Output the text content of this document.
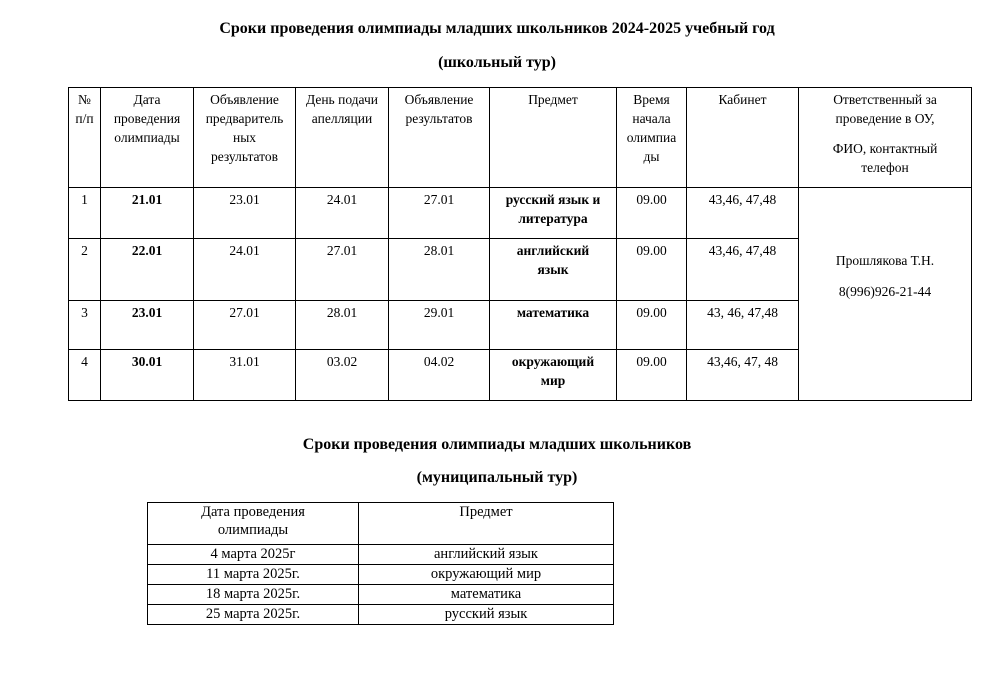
Сроки проведения олимпиады младших школьников 2024-2025 учебный год
(школьный тур)
№
п/п	Дата
проведения
олимпиады	Объявление
предваритель
ных
результатов	День подачи
апелляции	Объявление
результатов	Предмет	Время
начала
олимпиа
ды	Кабинет	Ответственный за
проведение в ОУ,
ФИО, контактный
телефон

1	21.01	23.01	24.01	27.01	русский язык и
литература	09.00	43,46, 47,48	Прошлякова Т.Н.
8(996)926-21-44

2	22.01	24.01	27.01	28.01	английский
язык	09.00	43,46, 47,48	
3	23.01	27.01	28.01	29.01	математика	09.00	43, 46, 47,48	
4	30.01	31.01	03.02	04.02	окружающий
мир	09.00	43,46, 47, 48	
Сроки проведения олимпиады младших школьников
(муниципальный тур)
Дата проведения
олимпиады	Предмет
4 марта 2025г	английский язык
11 марта 2025г.	окружающий мир
18 марта 2025г.	математика
25 марта 2025г.	русский язык
